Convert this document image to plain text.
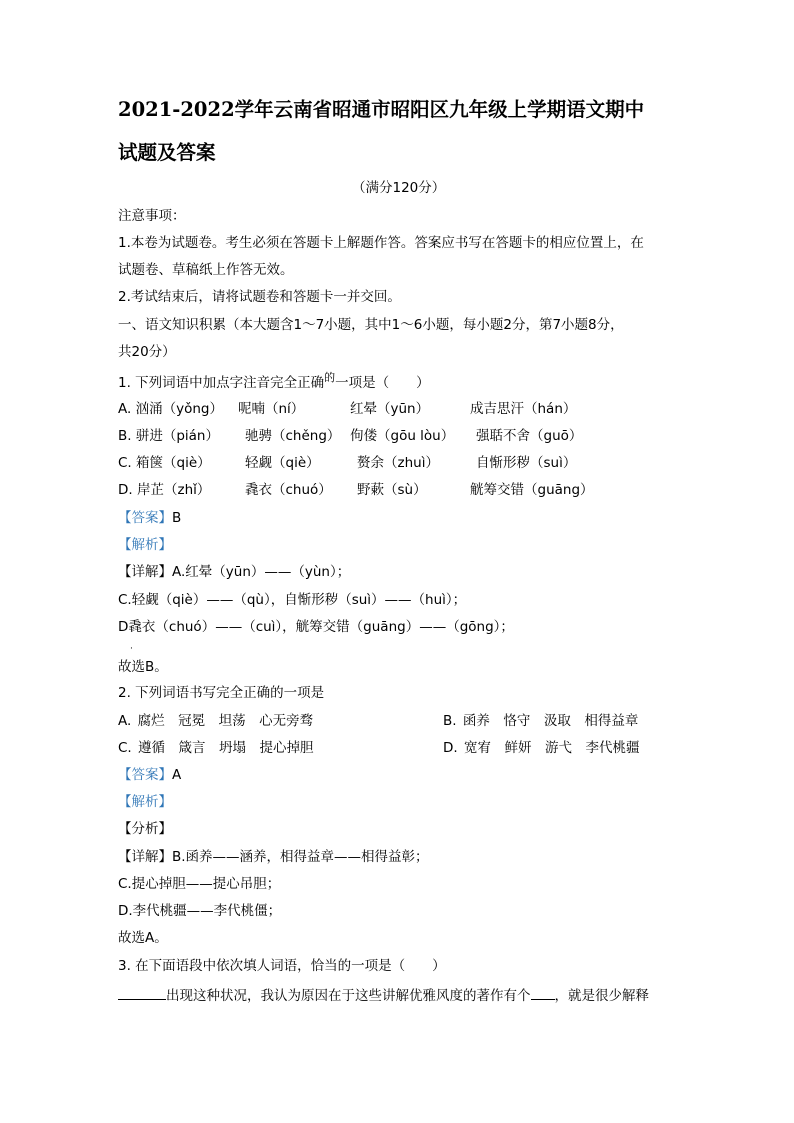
2021-2022学年云南省昭通市昭阳区九年级上学期语文期中
试题及答案
（满分120分）
注意事项：
1.本卷为试题卷。考生必须在答题卡上解题作答。答案应书写在答题卡的相应位置上，在
试题卷、草稿纸上作答无效。
2.考试结束后，请将试题卷和答题卡一并交回。
一、语文知识积累（本大题含1～7小题，其中1～6小题，每小题2分，第7小题8分，
共20分）
1. 下列词语中加点字注音完全正确$^的$一项是（　　）
A. 汹涌（yǒng） 呢喃（ní）	红晕（yūn）	成吉思汗（hán）
B. 骈进（pián） 驰骋（chěng） 佝偻（gōu lòu） 强聒不舍（guō）
C. 箱箧（qiè）	轻觑（qiè）	赘余（zhuì）	自惭形秽（suì）
D. 岸芷（zhǐ）	毳衣（chuó） 野蔌（sù）	觥筹交错（guāng）
【答案】B
【解析】
【详解】A.红晕（yūn）——（yùn）；
C.轻觑（qiè）——（qù），自惭形秽（suì）——（huì）；
D毳衣（chuó）——（cuì），觥筹交错（guāng）——（gōng）；
·
故选B。
2. 下列词语书写完全正确的一项是
A. 腐烂　冠冕　坦荡　心无旁骛	B. 函养　恪守　汲取　相得益章
C. 遵循　箴言　坍塌　提心掉胆	D. 宽宥　鲜妍　游弋　李代桃疆
【答案】A
【解析】
【分析】
【详解】B.函养——涵养，相得益章——相得益彰；
C.提心掉胆——提心吊胆；
D.李代桃疆——李代桃僵；
故选A。
3. 在下面语段中依次填人词语，恰当的一项是（　　）
出现这种状况，我认为原因在于这些讲解优雅风度的著作有个 ，就是很少解释
